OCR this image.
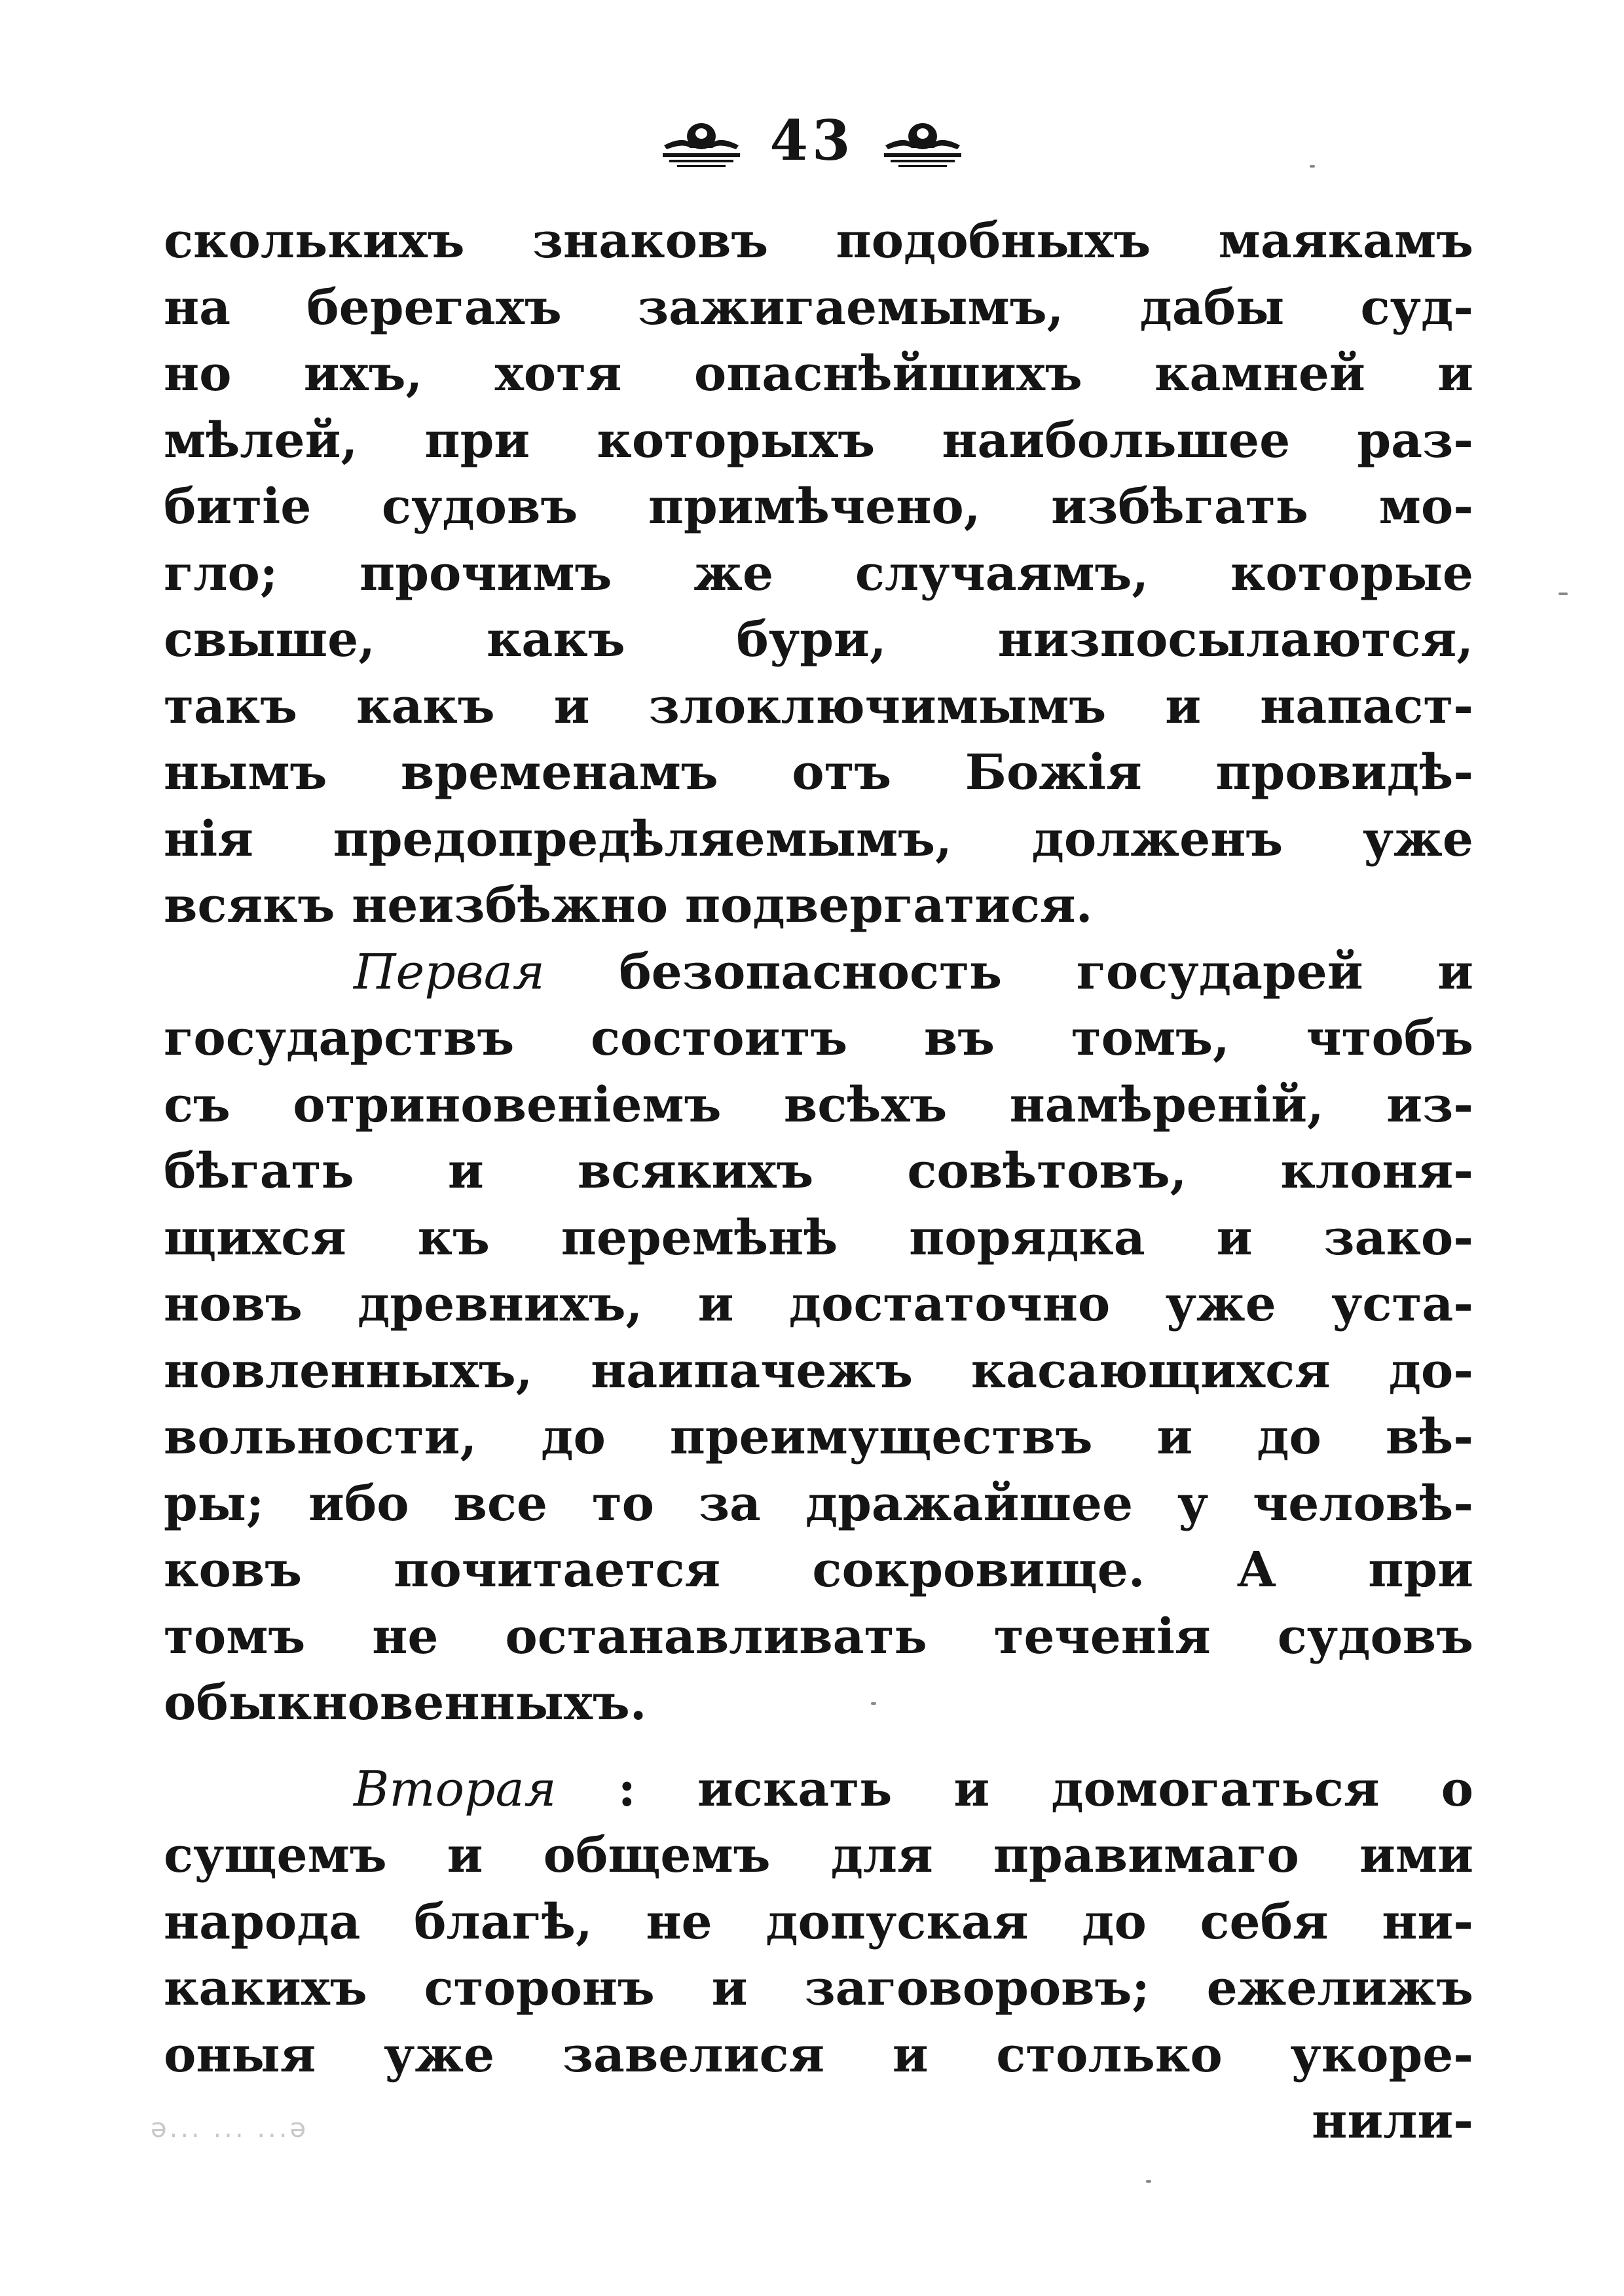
43
сколькихъ знаковъ подобныхъ маякамъ
на берегахъ зажигаемымъ, дабы суд-
но ихъ, хотя опаснѣйшихъ камней и
мѣлей, при которыхъ наибольшее раз-
битiе судовъ примѣчено, избѣгать мо-
гло; прочимъ же случаямъ, которые
свыше, какъ бури, низпосылаются,
такъ какъ и злоключимымъ и напаст-
нымъ временамъ отъ Божiя провидѣ-
нiя предопредѣляемымъ, долженъ уже
всякъ неизбѣжно подвергатися.
Первая безопасность государей и
государствъ состоитъ въ томъ, чтобъ
съ отриновенiемъ всѣхъ намѣренiй, из-
бѣгать и всякихъ совѣтовъ, клоня-
щихся къ перемѣнѣ порядка и зако-
новъ древнихъ, и достаточно уже уста-
новленныхъ, наипачежъ касающихся до-
вольности, до преимуществъ и до вѣ-
ры; ибо все то за дражайшее у человѣ-
ковъ почитается сокровище. А при
томъ не останавливать теченiя судовъ
обыкновенныхъ.
Вторая : искать и домогаться о
сущемъ и общемъ для правимаго ими
народа благѣ, не допуская до себя ни-
какихъ сторонъ и заговоровъ; ежелижъ
оныя уже завелися и столько укоре-
нили-
ǝ... ... ...ǝ
